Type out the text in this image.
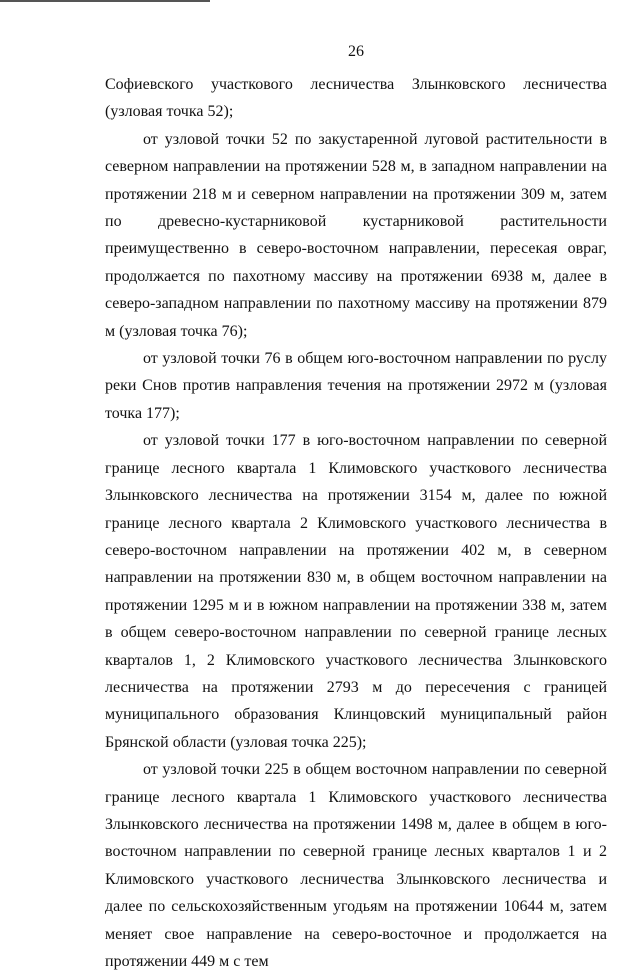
26

Софиевского участкового лесничества Злынковского лесничества (узловая точка 52);

от узловой точки 52 по закустаренной луговой растительности в северном направлении на протяжении 528 м, в западном направлении на протяжении 218 м и северном направлении на протяжении 309 м, затем по древесно-кустарниковой кустарниковой растительности преимущественно в северо-восточном направлении, пересекая овраг, продолжается по пахотному массиву на протяжении 6938 м, далее в северо-западном направлении по пахотному массиву на протяжении 879 м (узловая точка 76);

от узловой точки 76 в общем юго-восточном направлении по руслу реки Снов против направления течения на протяжении 2972 м (узловая точка 177);

от узловой точки 177 в юго-восточном направлении по северной границе лесного квартала 1 Климовского участкового лесничества Злынковского лесничества на протяжении 3154 м, далее по южной границе лесного квартала 2 Климовского участкового лесничества в северо-восточном направлении на протяжении 402 м, в северном направлении на протяжении 830 м, в общем восточном направлении на протяжении 1295 м и в южном направлении на протяжении 338 м, затем в общем северо-восточном направлении по северной границе лесных кварталов 1, 2 Климовского участкового лесничества Злынковского лесничества на протяжении 2793 м до пересечения с границей муниципального образования Клинцовский муниципальный район Брянской области (узловая точка 225);

от узловой точки 225 в общем восточном направлении по северной границе лесного квартала 1 Климовского участкового лесничества Злынковского лесничества на протяжении 1498 м, далее в общем в юго-восточном направлении по северной границе лесных кварталов 1 и 2 Климовского участкового лесничества Злынковского лесничества и далее по сельскохозяйственным угодьям на протяжении 10644 м, затем меняет свое направление на северо-восточное и продолжается на протяжении 449 м с тем
